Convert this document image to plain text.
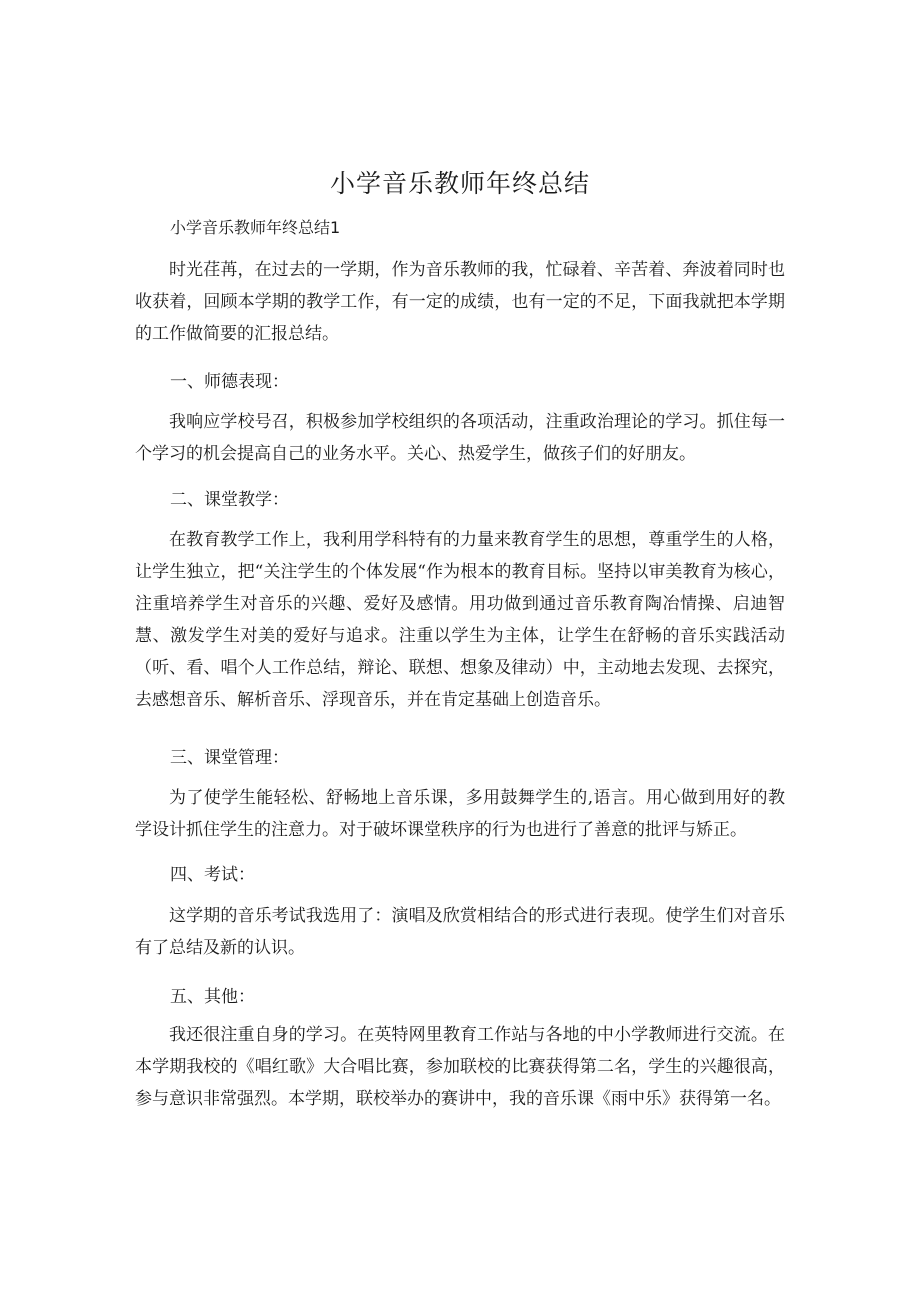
小学音乐教师年终总结

小学音乐教师年终总结1

时光荏苒，在过去的一学期，作为音乐教师的我，忙碌着、辛苦着、奔波着同时也收获着，回顾本学期的教学工作，有一定的成绩，也有一定的不足，下面我就把本学期的工作做简要的汇报总结。

一、师德表现：

我响应学校号召，积极参加学校组织的各项活动，注重政治理论的学习。抓住每一个学习的机会提高自己的业务水平。关心、热爱学生，做孩子们的好朋友。

二、课堂教学：

在教育教学工作上，我利用学科特有的力量来教育学生的思想，尊重学生的人格，让学生独立，把“关注学生的个体发展“作为根本的教育目标。坚持以审美教育为核心，注重培养学生对音乐的兴趣、爱好及感情。用功做到通过音乐教育陶冶情操、启迪智慧、激发学生对美的爱好与追求。注重以学生为主体，让学生在舒畅的音乐实践活动（听、看、唱个人工作总结，辩论、联想、想象及律动）中，主动地去发现、去探究，去感想音乐、解析音乐、浮现音乐，并在肯定基础上创造音乐。

三、课堂管理：

为了使学生能轻松、舒畅地上音乐课，多用鼓舞学生的,语言。用心做到用好的教学设计抓住学生的注意力。对于破坏课堂秩序的行为也进行了善意的批评与矫正。

四、考试：

这学期的音乐考试我选用了：演唱及欣赏相结合的形式进行表现。使学生们对音乐有了总结及新的认识。

五、其他：

我还很注重自身的学习。在英特网里教育工作站与各地的中小学教师进行交流。在本学期我校的《唱红歌》大合唱比赛，参加联校的比赛获得第二名，学生的兴趣很高，参与意识非常强烈。本学期，联校举办的赛讲中，我的音乐课《雨中乐》获得第一名。
